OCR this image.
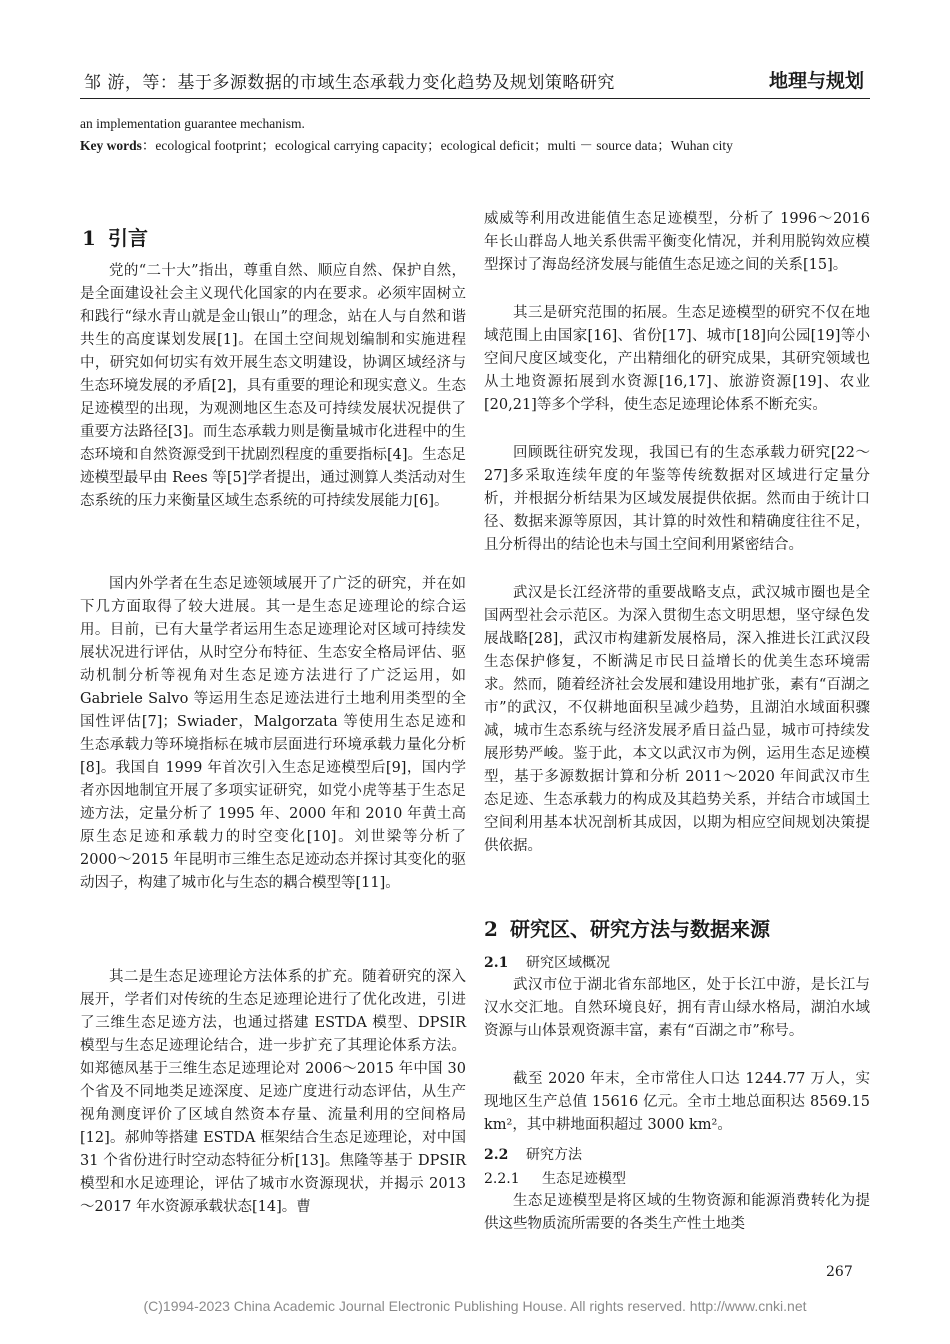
邹 游，等：基于多源数据的市域生态承载力变化趋势及规划策略研究	地理与规划
an implementation guarantee mechanism.
Key words：ecological footprint；ecological carrying capacity；ecological deficit；multi － source data；Wuhan city
1 引言

党的“二十大”指出，尊重自然、顺应自然、保护自然，是全面建设社会主义现代化国家的内在要求。必须牢固树立和践行“绿水青山就是金山银山”的理念，站在人与自然和谐共生的高度谋划发展[1]。在国土空间规划编制和实施进程中，研究如何切实有效开展生态文明建设，协调区域经济与生态环境发展的矛盾[2]，具有重要的理论和现实意义。生态足迹模型的出现，为观测地区生态及可持续发展状况提供了重要方法路径[3]。而生态承载力则是衡量城市化进程中的生态环境和自然资源受到干扰剧烈程度的重要指标[4]。生态足迹模型最早由 Rees 等[5]学者提出，通过测算人类活动对生态系统的压力来衡量区域生态系统的可持续发展能力[6]。

国内外学者在生态足迹领域展开了广泛的研究，并在如下几方面取得了较大进展。其一是生态足迹理论的综合运用。目前，已有大量学者运用生态足迹理论对区域可持续发展状况进行评估，从时空分布特征、生态安全格局评估、驱动机制分析等视角对生态足迹方法进行了广泛运用，如 Gabriele Salvo 等运用生态足迹法进行土地利用类型的全国性评估[7]；Swiader，Malgorzata 等使用生态足迹和生态承载力等环境指标在城市层面进行环境承载力量化分析[8]。我国自 1999 年首次引入生态足迹模型后[9]，国内学者亦因地制宜开展了多项实证研究，如党小虎等基于生态足迹方法，定量分析了 1995 年、2000 年和 2010 年黄土高原生态足迹和承载力的时空变化[10]。刘世梁等分析了 2000～2015 年昆明市三维生态足迹动态并探讨其变化的驱动因子，构建了城市化与生态的耦合模型等[11]。

其二是生态足迹理论方法体系的扩充。随着研究的深入展开，学者们对传统的生态足迹理论进行了优化改进，引进了三维生态足迹方法，也通过搭建 ESTDA 模型、DPSIR 模型与生态足迹理论结合，进一步扩充了其理论体系方法。如郑德凤基于三维生态足迹理论对 2006～2015 年中国 30 个省及不同地类足迹深度、足迹广度进行动态评估，从生产视角测度评价了区域自然资本存量、流量利用的空间格局[12]。郝帅等搭建 ESTDA 框架结合生态足迹理论，对中国 31 个省份进行时空动态特征分析[13]。焦隆等基于 DPSIR 模型和水足迹理论，评估了城市水资源现状，并揭示 2013～2017 年水资源承载状态[14]。曹

威威等利用改进能值生态足迹模型，分析了 1996～2016 年长山群岛人地关系供需平衡变化情况，并利用脱钩效应模型探讨了海岛经济发展与能值生态足迹之间的关系[15]。

其三是研究范围的拓展。生态足迹模型的研究不仅在地域范围上由国家[16]、省份[17]、城市[18]向公园[19]等小空间尺度区域变化，产出精细化的研究成果，其研究领域也从土地资源拓展到水资源[16,17]、旅游资源[19]、农业[20,21]等多个学科，使生态足迹理论体系不断充实。

回顾既往研究发现，我国已有的生态承载力研究[22～27]多采取连续年度的年鉴等传统数据对区域进行定量分析，并根据分析结果为区域发展提供依据。然而由于统计口径、数据来源等原因，其计算的时效性和精确度往往不足，且分析得出的结论也未与国土空间利用紧密结合。

武汉是长江经济带的重要战略支点，武汉城市圈也是全国两型社会示范区。为深入贯彻生态文明思想，坚守绿色发展战略[28]，武汉市构建新发展格局，深入推进长江武汉段生态保护修复，不断满足市民日益增长的优美生态环境需求。然而，随着经济社会发展和建设用地扩张，素有“百湖之市”的武汉，不仅耕地面积呈减少趋势，且湖泊水域面积骤减，城市生态系统与经济发展矛盾日益凸显，城市可持续发展形势严峻。鉴于此，本文以武汉市为例，运用生态足迹模型，基于多源数据计算和分析 2011～2020 年间武汉市生态足迹、生态承载力的构成及其趋势关系，并结合市域国土空间利用基本状况剖析其成因，以期为相应空间规划决策提供依据。

2 研究区、研究方法与数据来源
2.1 研究区域概况

武汉市位于湖北省东部地区，处于长江中游，是长江与汉水交汇地。自然环境良好，拥有青山绿水格局，湖泊水域资源与山体景观资源丰富，素有“百湖之市”称号。

截至 2020 年末，全市常住人口达 1244.77 万人，实现地区生产总值 15616 亿元。全市土地总面积达 8569.15 km²，其中耕地面积超过 3000 km²。

2.2 研究方法
2.2.1 生态足迹模型

生态足迹模型是将区域的生物资源和能源消费转化为提供这些物质流所需要的各类生产性土地类

267
(C)1994-2023 China Academic Journal Electronic Publishing House. All rights reserved. http://www.cnki.net
